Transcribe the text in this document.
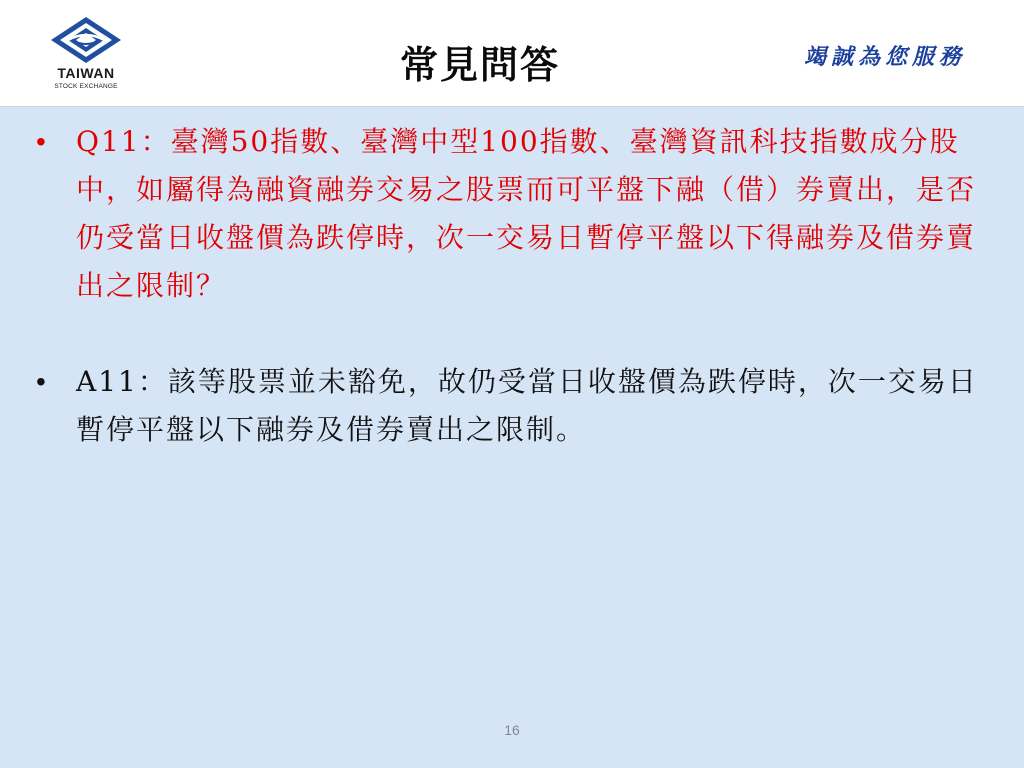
TAIWAN
STOCK EXCHANGE	常見問答	竭誠為您服務
• Q11：臺灣50指數、臺灣中型100指數、臺灣資訊科技指數成分股中，如屬得為融資融券交易之股票而可平盤下融（借）券賣出，是否仍受當日收盤價為跌停時，次一交易日暫停平盤以下得融券及借券賣出之限制？
• A11：該等股票並未豁免，故仍受當日收盤價為跌停時，次一交易日暫停平盤以下融券及借券賣出之限制。
16
